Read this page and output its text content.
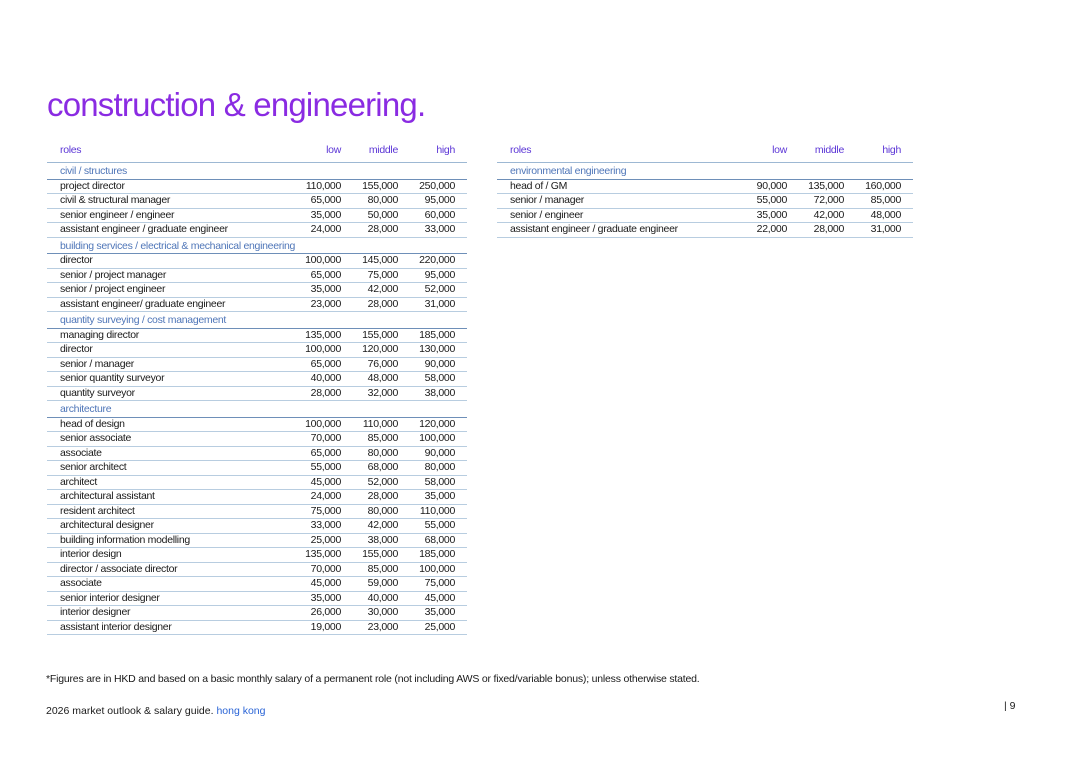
construction & engineering.
roles	low	middle	high	
civil / structures				
project director	110,000	155,000	250,000	
civil & structural manager	65,000	80,000	95,000	
senior engineer / engineer	35,000	50,000	60,000	
assistant engineer / graduate engineer	24,000	28,000	33,000	
building services / electrical & mechanical engineering				
director	100,000	145,000	220,000	
senior / project manager	65,000	75,000	95,000	
senior / project engineer	35,000	42,000	52,000	
assistant engineer/ graduate engineer	23,000	28,000	31,000	
quantity surveying / cost management				
managing director	135,000	155,000	185,000	
director	100,000	120,000	130,000	
senior / manager	65,000	76,000	90,000	
senior quantity surveyor	40,000	48,000	58,000	
quantity surveyor	28,000	32,000	38,000	
architecture				
head of design	100,000	110,000	120,000	
senior associate	70,000	85,000	100,000	
associate	65,000	80,000	90,000	
senior architect	55,000	68,000	80,000	
architect	45,000	52,000	58,000	
architectural assistant	24,000	28,000	35,000	
resident architect	75,000	80,000	110,000	
architectural designer	33,000	42,000	55,000	
building information modelling	25,000	38,000	68,000	
interior design	135,000	155,000	185,000	
director / associate director	70,000	85,000	100,000	
associate	45,000	59,000	75,000	
senior interior designer	35,000	40,000	45,000	
interior designer	26,000	30,000	35,000	
assistant interior designer	19,000	23,000	25,000	
roles	low	middle	high	
environmental engineering				
head of / GM	90,000	135,000	160,000	
senior / manager	55,000	72,000	85,000	
senior / engineer	35,000	42,000	48,000	
assistant engineer / graduate engineer	22,000	28,000	31,000	
*Figures are in HKD and based on a basic monthly salary of a permanent role (not including AWS or fixed/variable bonus); unless otherwise stated.
2026 market outlook & salary guide. hong kong	| 9
